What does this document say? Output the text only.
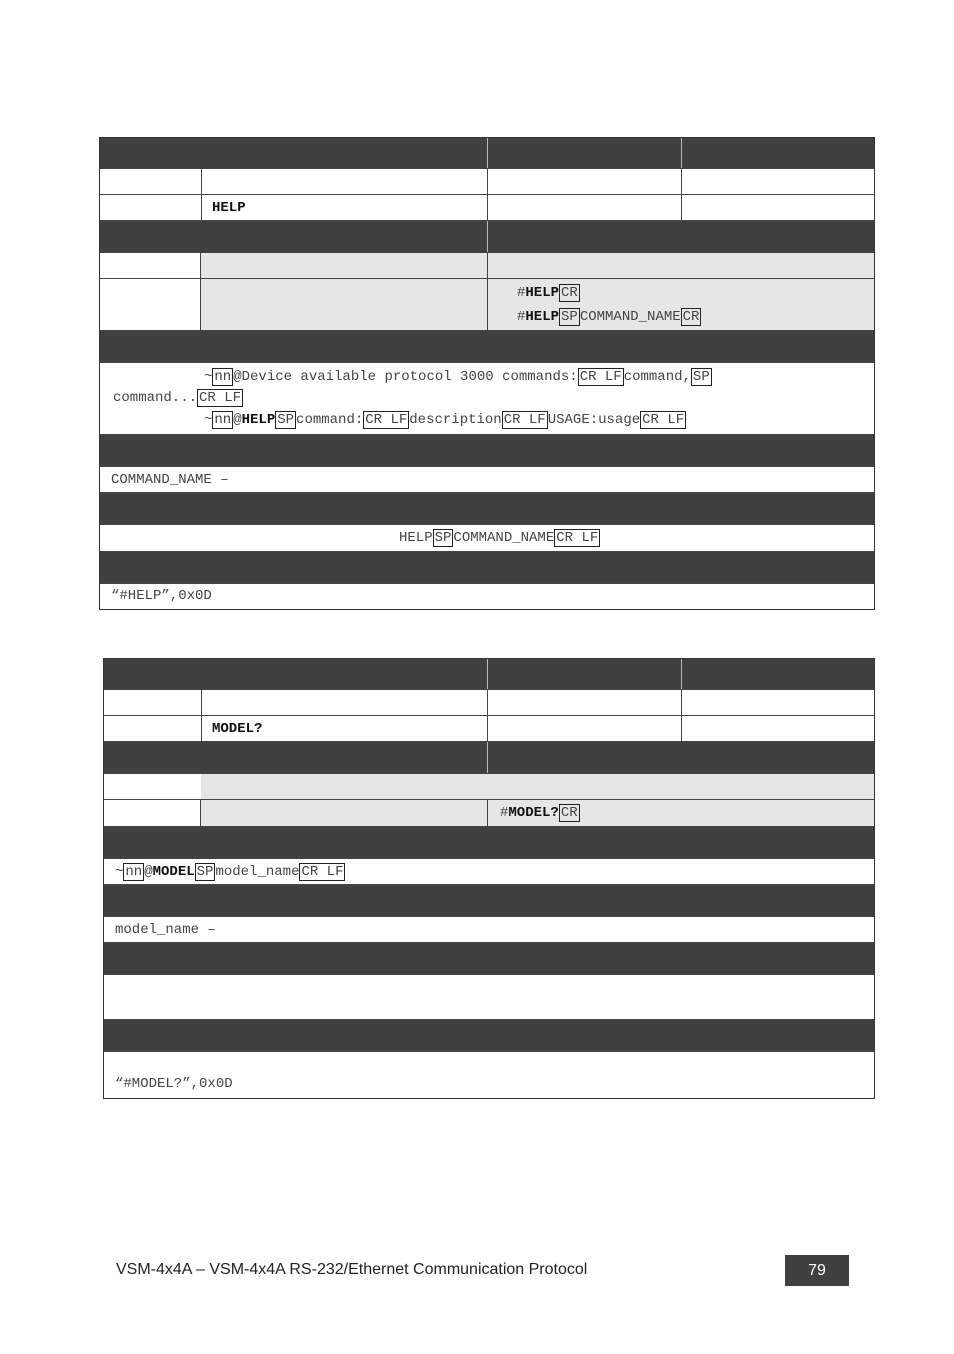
HELP
#HELP CR
#HELP SP COMMAND_NAME CR
~ nn @Device available protocol 3000 commands: CR LF command, SP
command... CR LF
~ nn @HELP SP command: CR LF description CR LF USAGE:usage CR LF
COMMAND_NAME –
HELP SP COMMAND_NAME CR LF
“#HELP”,0x0D
MODEL?
#MODEL? CR
~ nn @MODEL SP model_name CR LF
model_name –
“#MODEL?”,0x0D
VSM-4x4A – VSM-4x4A RS-232/Ethernet Communication Protocol	79
